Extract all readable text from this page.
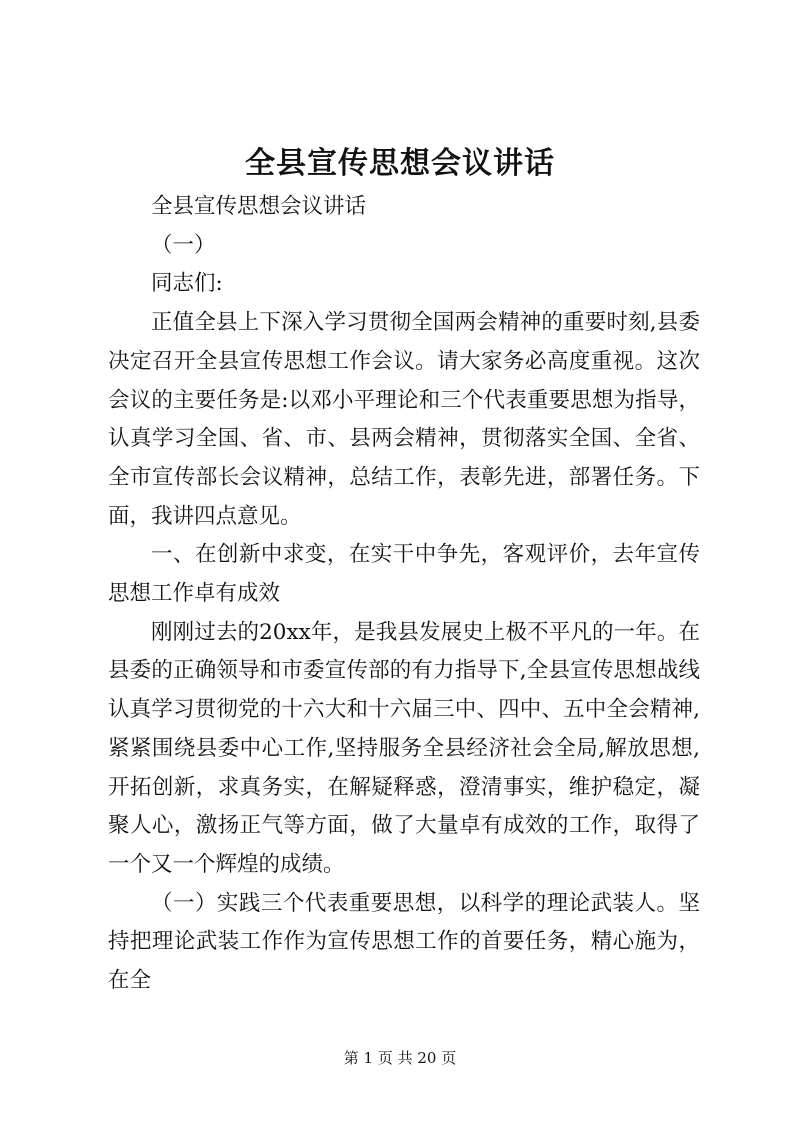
全县宣传思想会议讲话

全县宣传思想会议讲话

（一）

同志们:

正值全县上下深入学习贯彻全国两会精神的重要时刻,县委决定召开全县宣传思想工作会议。请大家务必高度重视。这次会议的主要任务是:以邓小平理论和三个代表重要思想为指导，认真学习全国、省、市、县两会精神，贯彻落实全国、全省、全市宣传部长会议精神，总结工作，表彰先进，部署任务。下面，我讲四点意见。

一、在创新中求变，在实干中争先，客观评价，去年宣传思想工作卓有成效

刚刚过去的20xx年，是我县发展史上极不平凡的一年。在县委的正确领导和市委宣传部的有力指导下,全县宣传思想战线认真学习贯彻党的十六大和十六届三中、四中、五中全会精神,紧紧围绕县委中心工作,坚持服务全县经济社会全局,解放思想,开拓创新，求真务实，在解疑释惑，澄清事实，维护稳定，凝聚人心，激扬正气等方面，做了大量卓有成效的工作，取得了一个又一个辉煌的成绩。

（一）实践三个代表重要思想，以科学的理论武装人。坚持把理论武装工作作为宣传思想工作的首要任务，精心施为，在全

第 1 页 共 20 页
